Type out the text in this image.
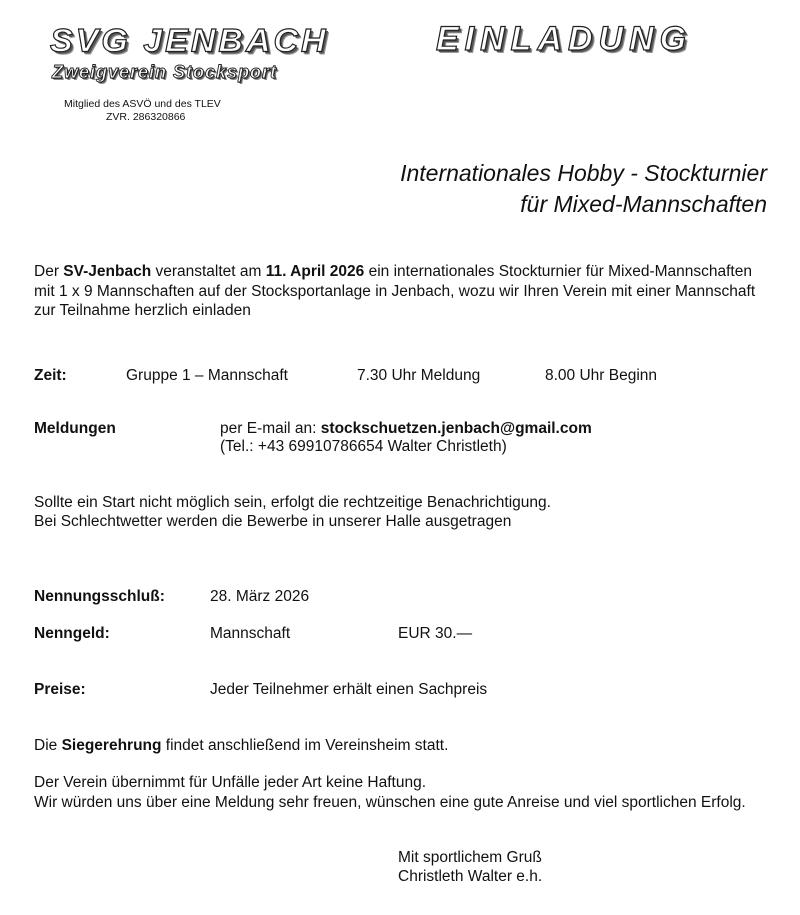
SVG JENBACH
Zweigverein Stocksport
Mitglied des ASVÖ und des TLEV
ZVR. 286320866
EINLADUNG
Internationales Hobby - Stockturnier
für Mixed-Mannschaften
Der SV-Jenbach veranstaltet am 11. April 2026 ein internationales Stockturnier für Mixed-Mannschaften mit 1 x 9 Mannschaften auf der Stocksportanlage in Jenbach, wozu wir Ihren Verein mit einer Mannschaft zur Teilnahme herzlich einladen
Zeit:	Gruppe 1 – Mannschaft	7.30 Uhr Meldung	8.00 Uhr Beginn
Meldungen	per E-mail an: stockschuetzen.jenbach@gmail.com
(Tel.: +43 69910786654 Walter Christleth)
Sollte ein Start nicht möglich sein, erfolgt die rechtzeitige Benachrichtigung.
Bei Schlechtwetter werden die Bewerbe in unserer Halle ausgetragen
Nennungsschluß:	28. März 2026
Nenngeld:	Mannschaft	EUR 30.—
Preise:	Jeder Teilnehmer erhält einen Sachpreis
Die Siegerehrung findet anschließend im Vereinsheim statt.
Der Verein übernimmt für Unfälle jeder Art keine Haftung.
Wir würden uns über eine Meldung sehr freuen, wünschen eine gute Anreise und viel sportlichen Erfolg.
Mit sportlichem Gruß
Christleth Walter e.h.
